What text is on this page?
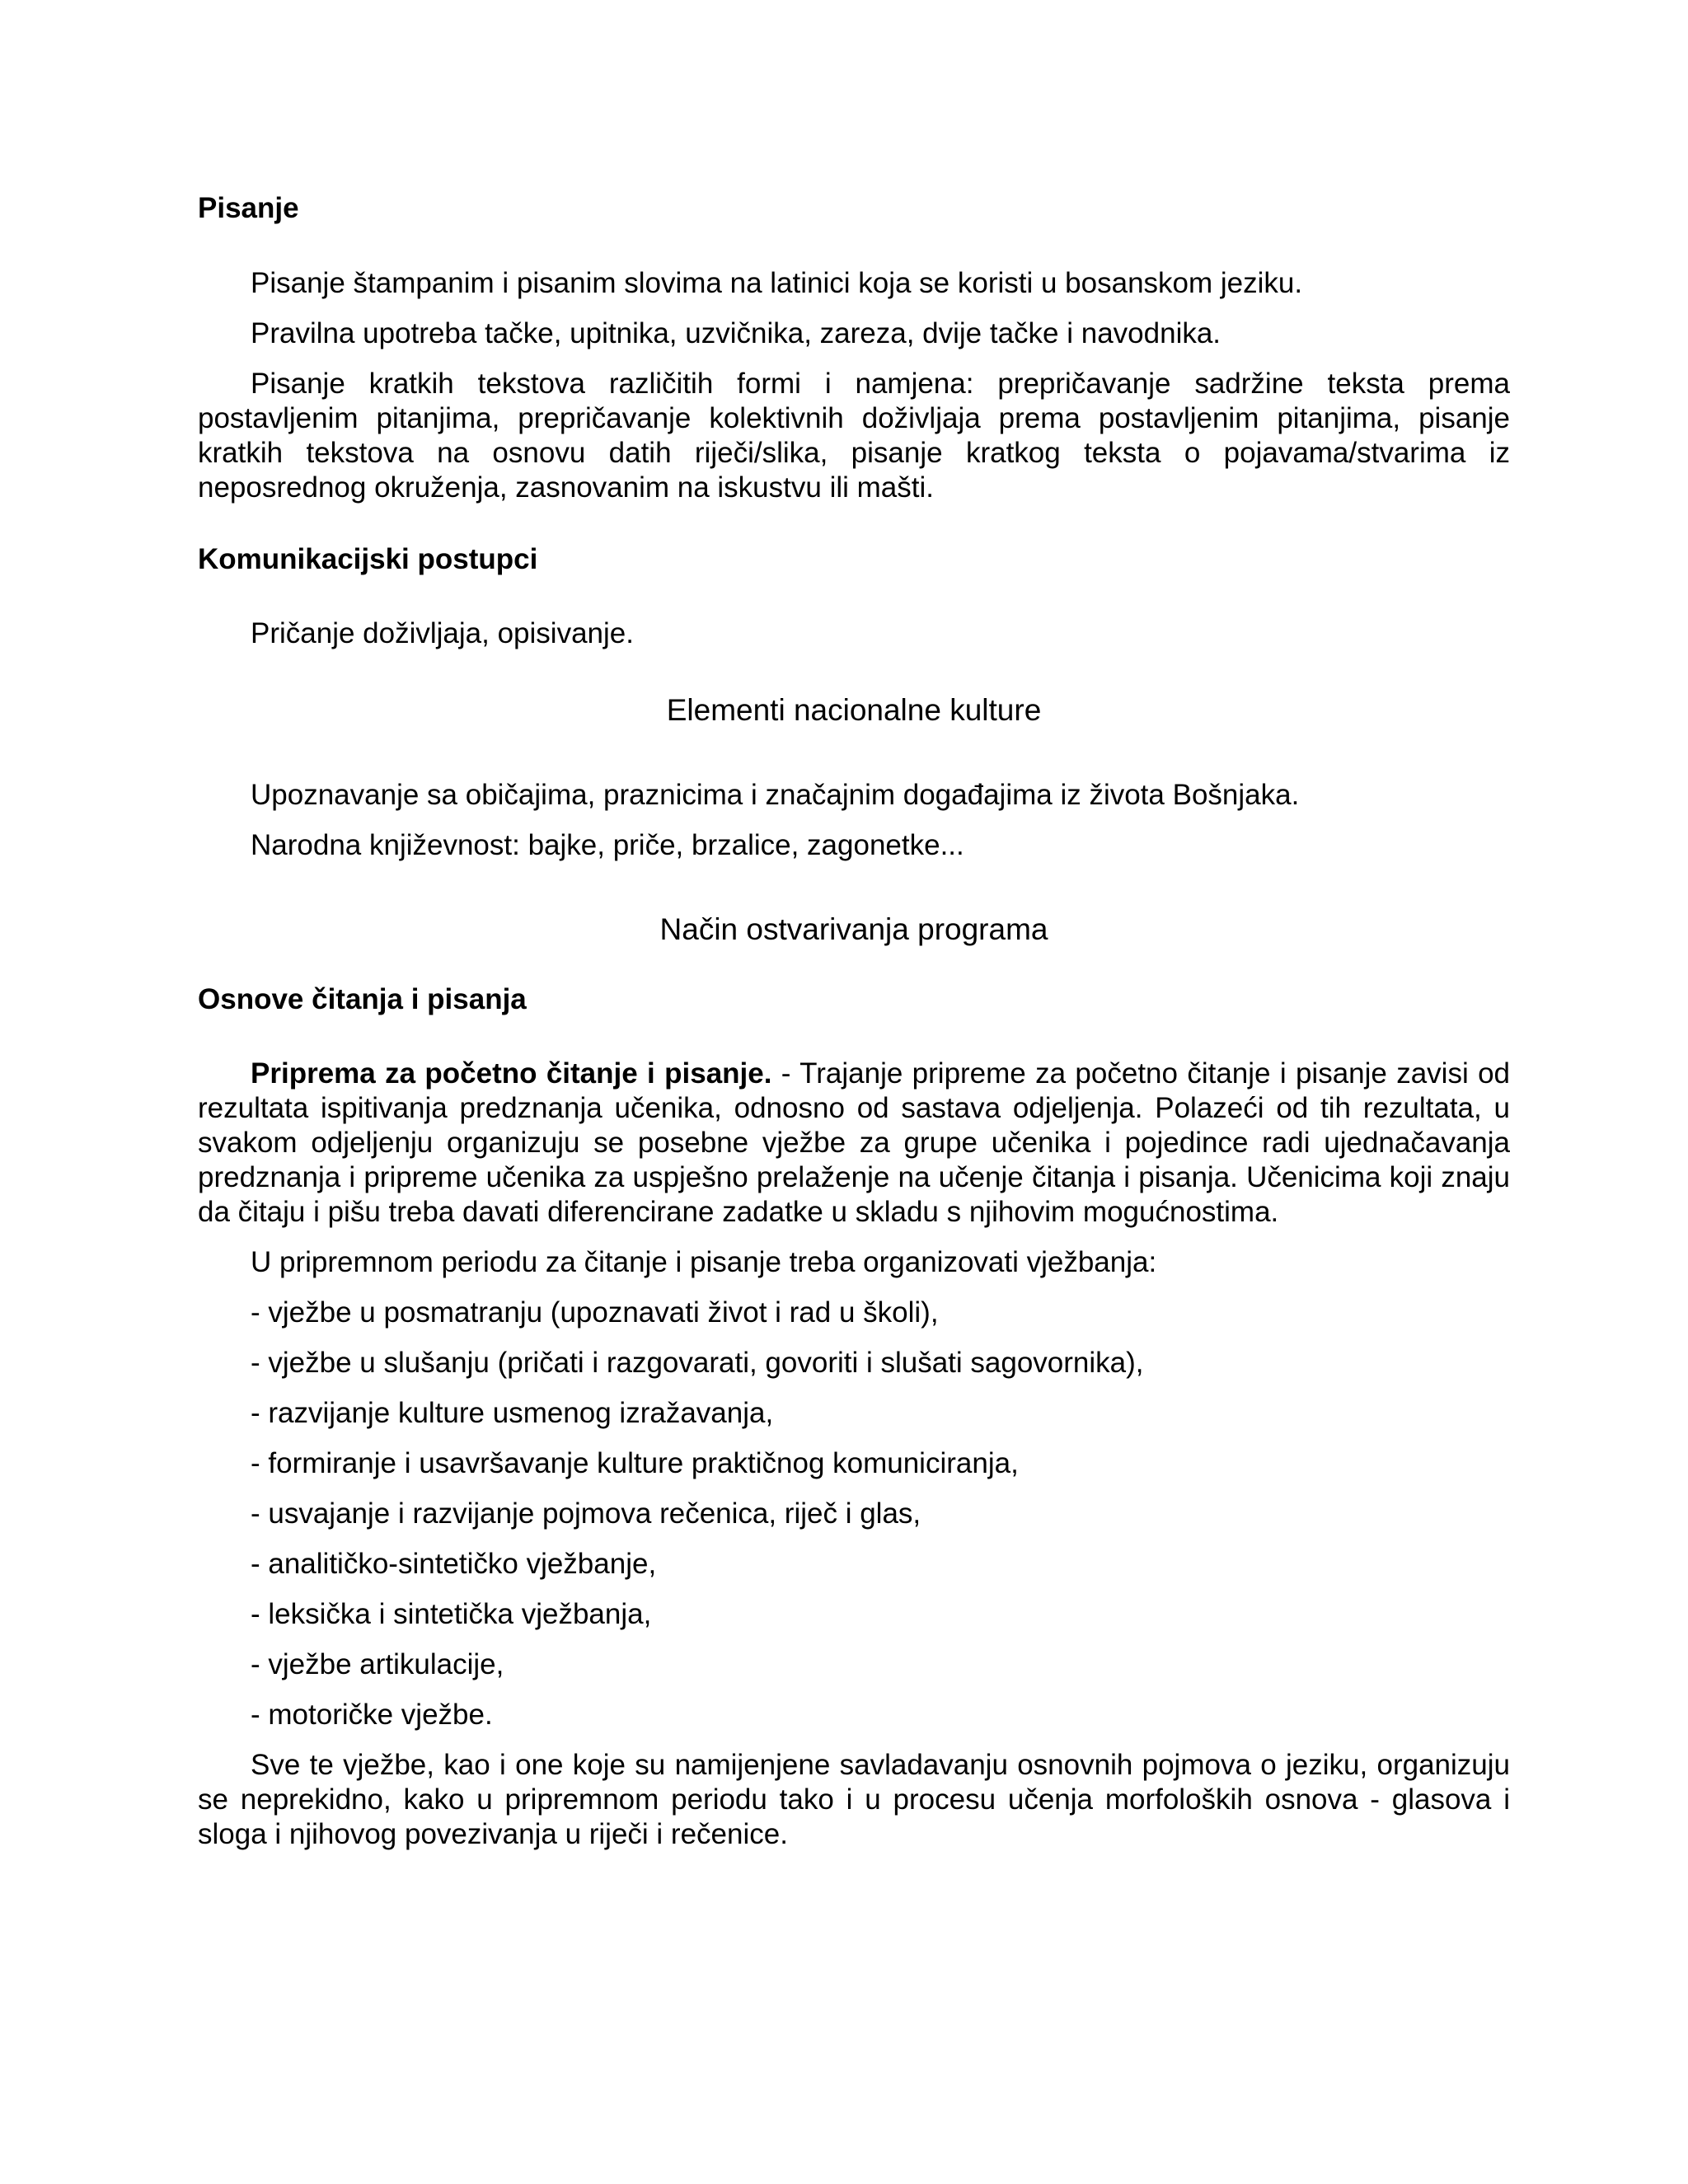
Pisanje

Pisanje štampanim i pisanim slovima na latinici koja se koristi u bosanskom jeziku.

Pravilna upotreba tačke, upitnika, uzvičnika, zareza, dvije tačke i navodnika.

Pisanje kratkih tekstova različitih formi i namjena: prepričavanje sadržine teksta prema postavljenim pitanjima, prepričavanje kolektivnih doživljaja prema postavljenim pitanjima, pisanje kratkih tekstova na osnovu datih riječi/slika, pisanje kratkog teksta o pojavama/stvarima iz neposrednog okruženja, zasnovanim na iskustvu ili mašti.

Komunikacijski postupci

Pričanje doživljaja, opisivanje.

Elementi nacionalne kulture

Upoznavanje sa običajima, praznicima i značajnim događajima iz života Bošnjaka.

Narodna književnost: bajke, priče, brzalice, zagonetke...

Način ostvarivanja programa

Osnove čitanja i pisanja

Priprema za početno čitanje i pisanje. - Trajanje pripreme za početno čitanje i pisanje zavisi od rezultata ispitivanja predznanja učenika, odnosno od sastava odjeljenja. Polazeći od tih rezultata, u svakom odjeljenju organizuju se posebne vježbe za grupe učenika i pojedince radi ujednačavanja predznanja i pripreme učenika za uspješno prelaženje na učenje čitanja i pisanja. Učenicima koji znaju da čitaju i pišu treba davati diferencirane zadatke u skladu s njihovim mogućnostima.

U pripremnom periodu za čitanje i pisanje treba organizovati vježbanja:

- vježbe u posmatranju (upoznavati život i rad u školi),

- vježbe u slušanju (pričati i razgovarati, govoriti i slušati sagovornika),

- razvijanje kulture usmenog izražavanja,

- formiranje i usavršavanje kulture praktičnog komuniciranja,

- usvajanje i razvijanje pojmova rečenica, riječ i glas,

- analitičko-sintetičko vježbanje,

- leksička i sintetička vježbanja,

- vježbe artikulacije,

- motoričke vježbe.

Sve te vježbe, kao i one koje su namijenjene savladavanju osnovnih pojmova o jeziku, organizuju se neprekidno, kako u pripremnom periodu tako i u procesu učenja morfoloških osnova - glasova i sloga i njihovog povezivanja u riječi i rečenice.
